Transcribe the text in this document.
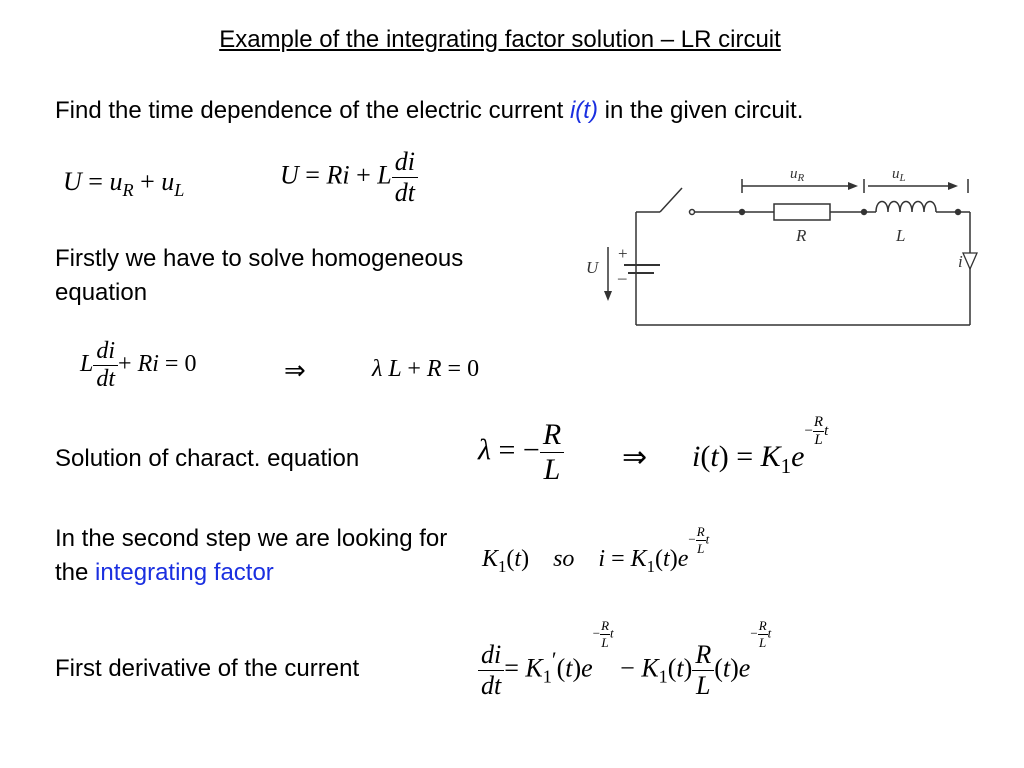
Example of the integrating factor solution – LR circuit
Find the time dependence of the electric current i(t) in the given circuit.
$U = u_R + u_L$
U = Ri + L $\frac{di}{dt}$	$u_R$	$u_L$
R	L
U	i
+
–
Firstly we have to solve homogeneous equation
L $\frac{di}{dt} + Ri = 0$	⇒	λ L + R = 0
Solution of charact. equation	λ = − $\frac{R}{L}$ ⇒ $i(t) = K_1e- \frac{R}{L}$ t
In the second step we are looking for the integrating factor	$K_1(t)$    so    $i = K_1(t)e- \frac{R}{L}$ t
First derivative of the current	$\frac{di}{dt} = K_1'(t)e- \frac{R}{L}$ $t - K_1(t) \frac{R}{L} (t)e- \frac{R}{L}$ t
